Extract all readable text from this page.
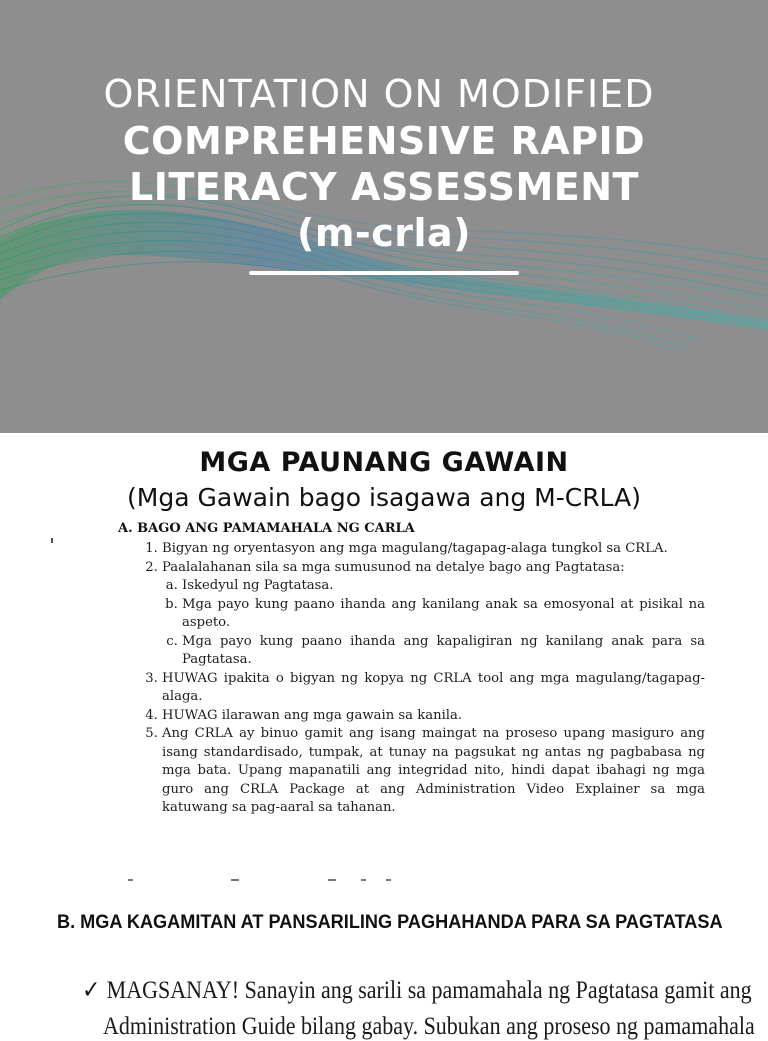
ORIENTATION ON MODIFIED
COMPREHENSIVE RAPID
LITERACY ASSESSMENT
(m-crla)
MGA PAUNANG GAWAIN
(Mga Gawain bago isagawa ang M-CRLA)
A. BAGO ANG PAMAMAHALA NG CARLA
1. Bigyan ng oryentasyon ang mga magulang/tagapag-alaga tungkol sa CRLA.
2. Paalalahanan sila sa mga sumusunod na detalye bago ang Pagtatasa:
a. Iskedyul ng Pagtatasa.
b. Mga payo kung paano ihanda ang kanilang anak sa emosyonal at pisikal na aspeto.
c. Mga payo kung paano ihanda ang kapaligiran ng kanilang anak para sa Pagtatasa.
3. HUWAG ipakita o bigyan ng kopya ng CRLA tool ang mga magulang/tagapag-alaga.
4. HUWAG ilarawan ang mga gawain sa kanila.
5. Ang CRLA ay binuo gamit ang isang maingat na proseso upang masiguro ang isang standardisado, tumpak, at tunay na pagsukat ng antas ng pagbabasa ng mga bata. Upang mapanatili ang integridad nito, hindi dapat ibahagi ng mga guro ang CRLA Package at ang Administration Video Explainer sa mga katuwang sa pag-aaral sa tahanan.
B. MGA KAGAMITAN AT PANSARILING PAGHAHANDA PARA SA PAGTATASA
✓ MAGSANAY! Sanayin ang sarili sa pamamahala ng Pagtatasa gamit ang
Administration Guide bilang gabay. Subukan ang proseso ng pamamahala
